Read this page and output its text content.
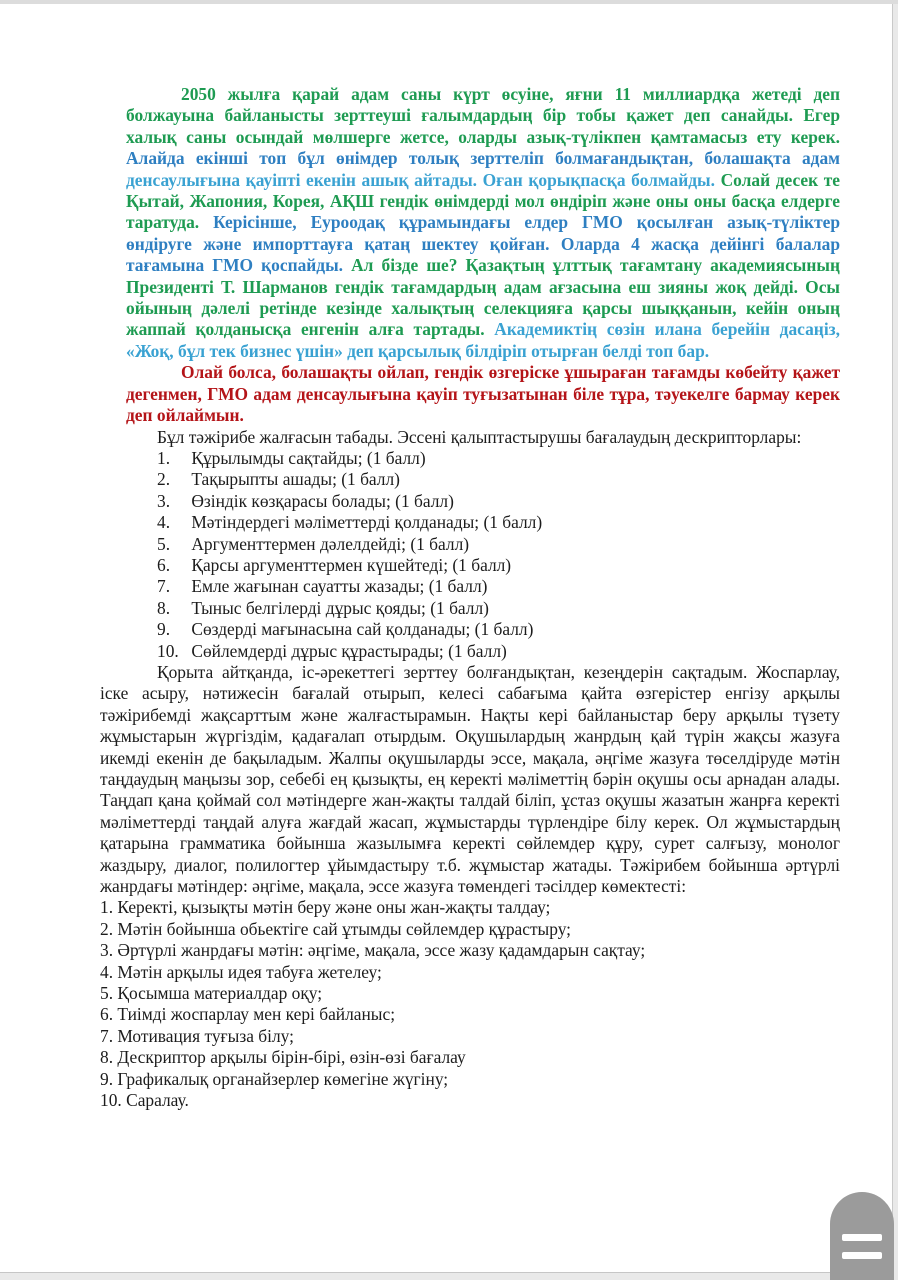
2050 жылға қарай адам саны күрт өсуіне, яғни 11 миллиардқа жетеді деп болжауына байланысты зерттеуші ғалымдардың бір тобы қажет деп санайды. Егер халық саны осындай мөлшерге жетсе, оларды азық-түлікпен қамтамасыз ету керек. Алайда екінші топ бұл өнімдер толық зерттеліп болмағандықтан, болашақта адам денсаулығына қауіпті екенін ашық айтады. Оған қорықпасқа болмайды. Солай десек те Қытай, Жапония, Корея, АҚШ гендік өнімдерді мол өндіріп және оны оны басқа елдерге таратуда. Керісінше, Еуроодақ құрамындағы елдер ГМО қосылған азық-түліктер өндіруге және импорттауға қатаң шектеу қойған. Оларда 4 жасқа дейінгі балалар тағамына ГМО қоспайды. Ал бізде ше? Қазақтың ұлттық тағамтану академиясының Президенті Т. Шарманов гендік тағамдардың адам ағзасына еш зияны жоқ дейді. Осы ойының дәлелі ретінде кезінде халықтың селекцияға қарсы шыққанын, кейін оның жаппай қолданысқа енгенін алға тартады. Академиктің сөзін илана берейін дасаңіз, «Жоқ, бұл тек бизнес үшін» деп қарсылық білдіріп отырған белді топ бар.

Олай болса, болашақты ойлап, гендік өзгеріске ұшыраған тағамды көбейту қажет дегенмен, ГМО адам денсаулығына қауіп туғызатынан біле тұра, тәуекелге бармау керек деп ойлаймын.

Бұл тәжірибе жалғасын табады. Эссені қалыптастырушы бағалаудың дескрипторлары:

1. Құрылымды сақтайды; (1 балл)
2. Тақырыпты ашады; (1 балл)
3. Өзіндік көзқарасы болады; (1 балл)
4. Мәтіндердегі мәліметтерді қолданады; (1 балл)
5. Аргументтермен дәлелдейді; (1 балл)
6. Қарсы аргументтермен күшейтеді; (1 балл)
7. Емле жағынан сауатты жазады; (1 балл)
8. Тыныс белгілерді дұрыс қояды; (1 балл)
9. Сөздерді мағынасына сай қолданады; (1 балл)
10. Сөйлемдерді дұрыс құрастырады; (1 балл)

Қорыта айтқанда, іс-әрекеттегі зерттеу болғандықтан, кезеңдерін сақтадым. Жоспарлау, іске асыру, нәтижесін бағалай отырып, келесі сабағыма қайта өзгерістер енгізу арқылы тәжірибемді жақсарттым және жалғастырамын. Нақты кері байланыстар беру арқылы түзету жұмыстарын жүргіздім, қадағалап отырдым. Оқушылардың жанрдың қай түрін жақсы жазуға икемді екенін де бақыладым. Жалпы оқушыларды эссе, мақала, әңгіме жазуға төселдіруде мәтін таңдаудың маңызы зор, себебі ең қызықты, ең керекті мәліметтің бәрін оқушы осы арнадан алады. Таңдап қана қоймай сол мәтіндерге жан-жақты талдай біліп, ұстаз оқушы жазатын жанрға керекті мәліметтерді таңдай алуға жағдай жасап, жұмыстарды түрлендіре білу керек. Ол жұмыстардың қатарына грамматика бойынша жазылымға керекті сөйлемдер құру, сурет салғызу, монолог жаздыру, диалог, полилогтер ұйымдастыру т.б. жұмыстар жатады. Тәжірибем бойынша әртүрлі жанрдағы мәтіндер: әңгіме, мақала, эссе жазуға төмендегі тәсілдер көмектесті:

1. Керекті, қызықты мәтін беру және оны жан-жақты талдау;
2. Мәтін бойынша обьектіге сай ұтымды сөйлемдер құрастыру;
3. Әртүрлі жанрдағы мәтін: әңгіме, мақала, эссе жазу қадамдарын сақтау;
4. Мәтін арқылы идея табуға жетелеу;
5. Қосымша материалдар оқу;
6. Тиімді жоспарлау мен кері байланыс;
7. Мотивация туғыза білу;
8. Дескриптор арқылы бірін-бірі, өзін-өзі бағалау
9. Графикалық органайзерлер көмегіне жүгіну;
10. Саралау.
